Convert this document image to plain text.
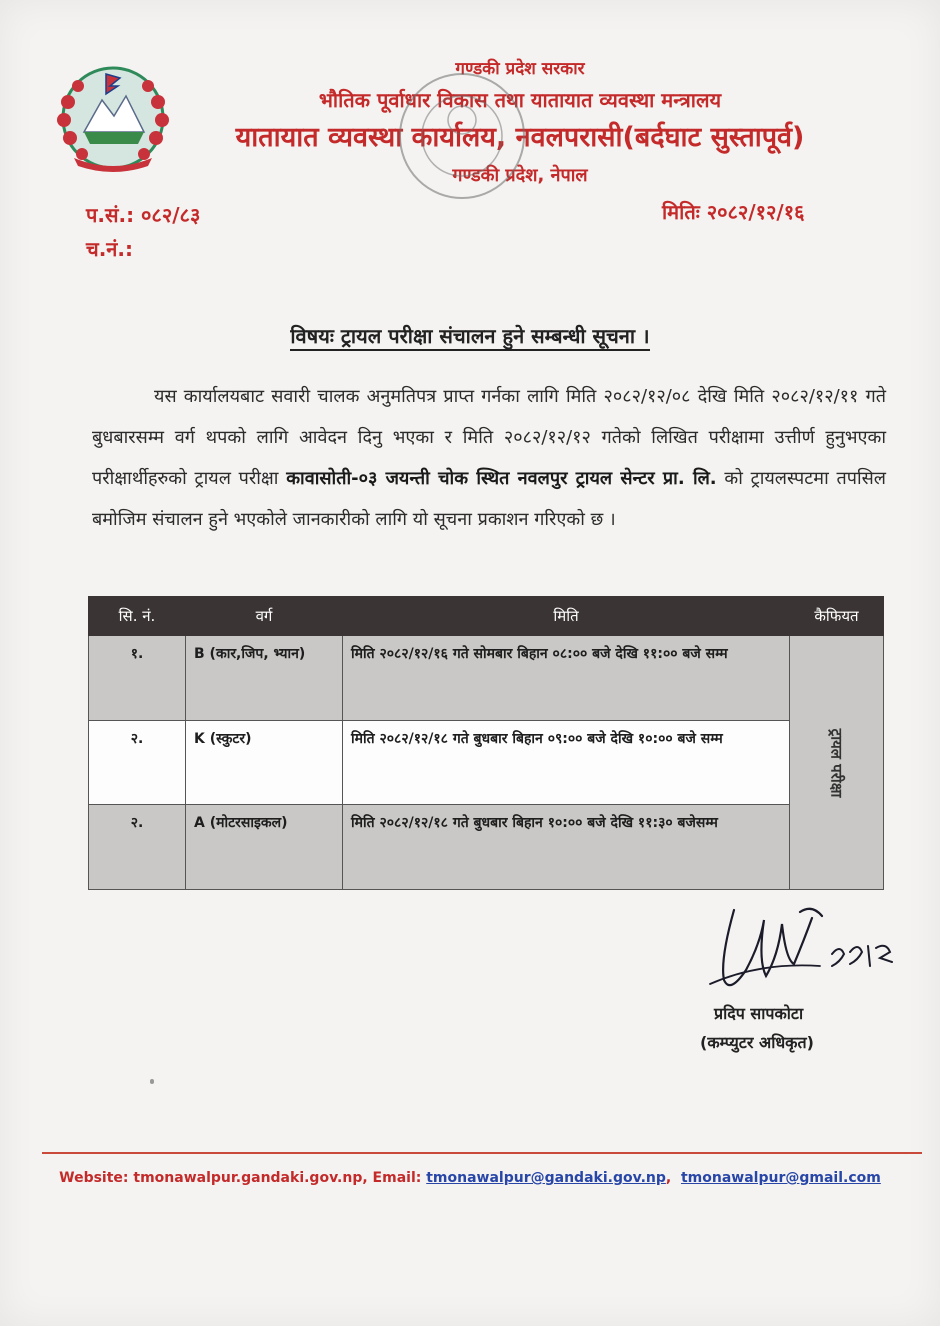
गण्डकी प्रदेश सरकार
भौतिक पूर्वाधार विकास तथा यातायात व्यवस्था मन्त्रालय
यातायात व्यवस्था कार्यालय, नवलपरासी(बर्दघाट सुस्तापूर्व)
गण्डकी प्रदेश, नेपाल
प.सं.: ०८२/८३
च.नं.:
मितिः २०८२/१२/१६
विषयः ट्रायल परीक्षा संचालन हुने सम्बन्धी सूचना ।
यस कार्यालयबाट सवारी चालक अनुमतिपत्र प्राप्त गर्नका लागि मिति २०८२/१२/०८ देखि मिति २०८२/१२/११ गते बुधबारसम्म वर्ग थपको लागि आवेदन दिनु भएका र मिति २०८२/१२/१२ गतेको लिखित परीक्षामा उत्तीर्ण हुनुभएका परीक्षार्थीहरुको ट्रायल परीक्षा कावासोती-०३ जयन्ती चोक स्थित नवलपुर ट्रायल सेन्टर प्रा. लि. को ट्रायलस्पटमा तपसिल बमोजिम संचालन हुने भएकोले जानकारीको लागि यो सूचना प्रकाशन गरिएको छ ।
सि. नं.	वर्ग	मिति	कैफियत
१.	B (कार,जिप, भ्यान)	मिति २०८२/१२/१६ गते सोमबार बिहान ०८:०० बजे देखि ११:०० बजे सम्म	ट्रायल परीक्षा
२.	K (स्कुटर)	मिति २०८२/१२/१८ गते बुधबार बिहान ०९:०० बजे देखि १०:०० बजे सम्म	
२.	A (मोटरसाइकल)	मिति २०८२/१२/१८ गते बुधबार बिहान १०:०० बजे देखि ११:३० बजेसम्म	
प्रदिप सापकोटा
(कम्प्युटर अधिकृत)
Website: tmonawalpur.gandaki.gov.np, Email: tmonawalpur@gandaki.gov.np, tmonawalpur@gmail.com
